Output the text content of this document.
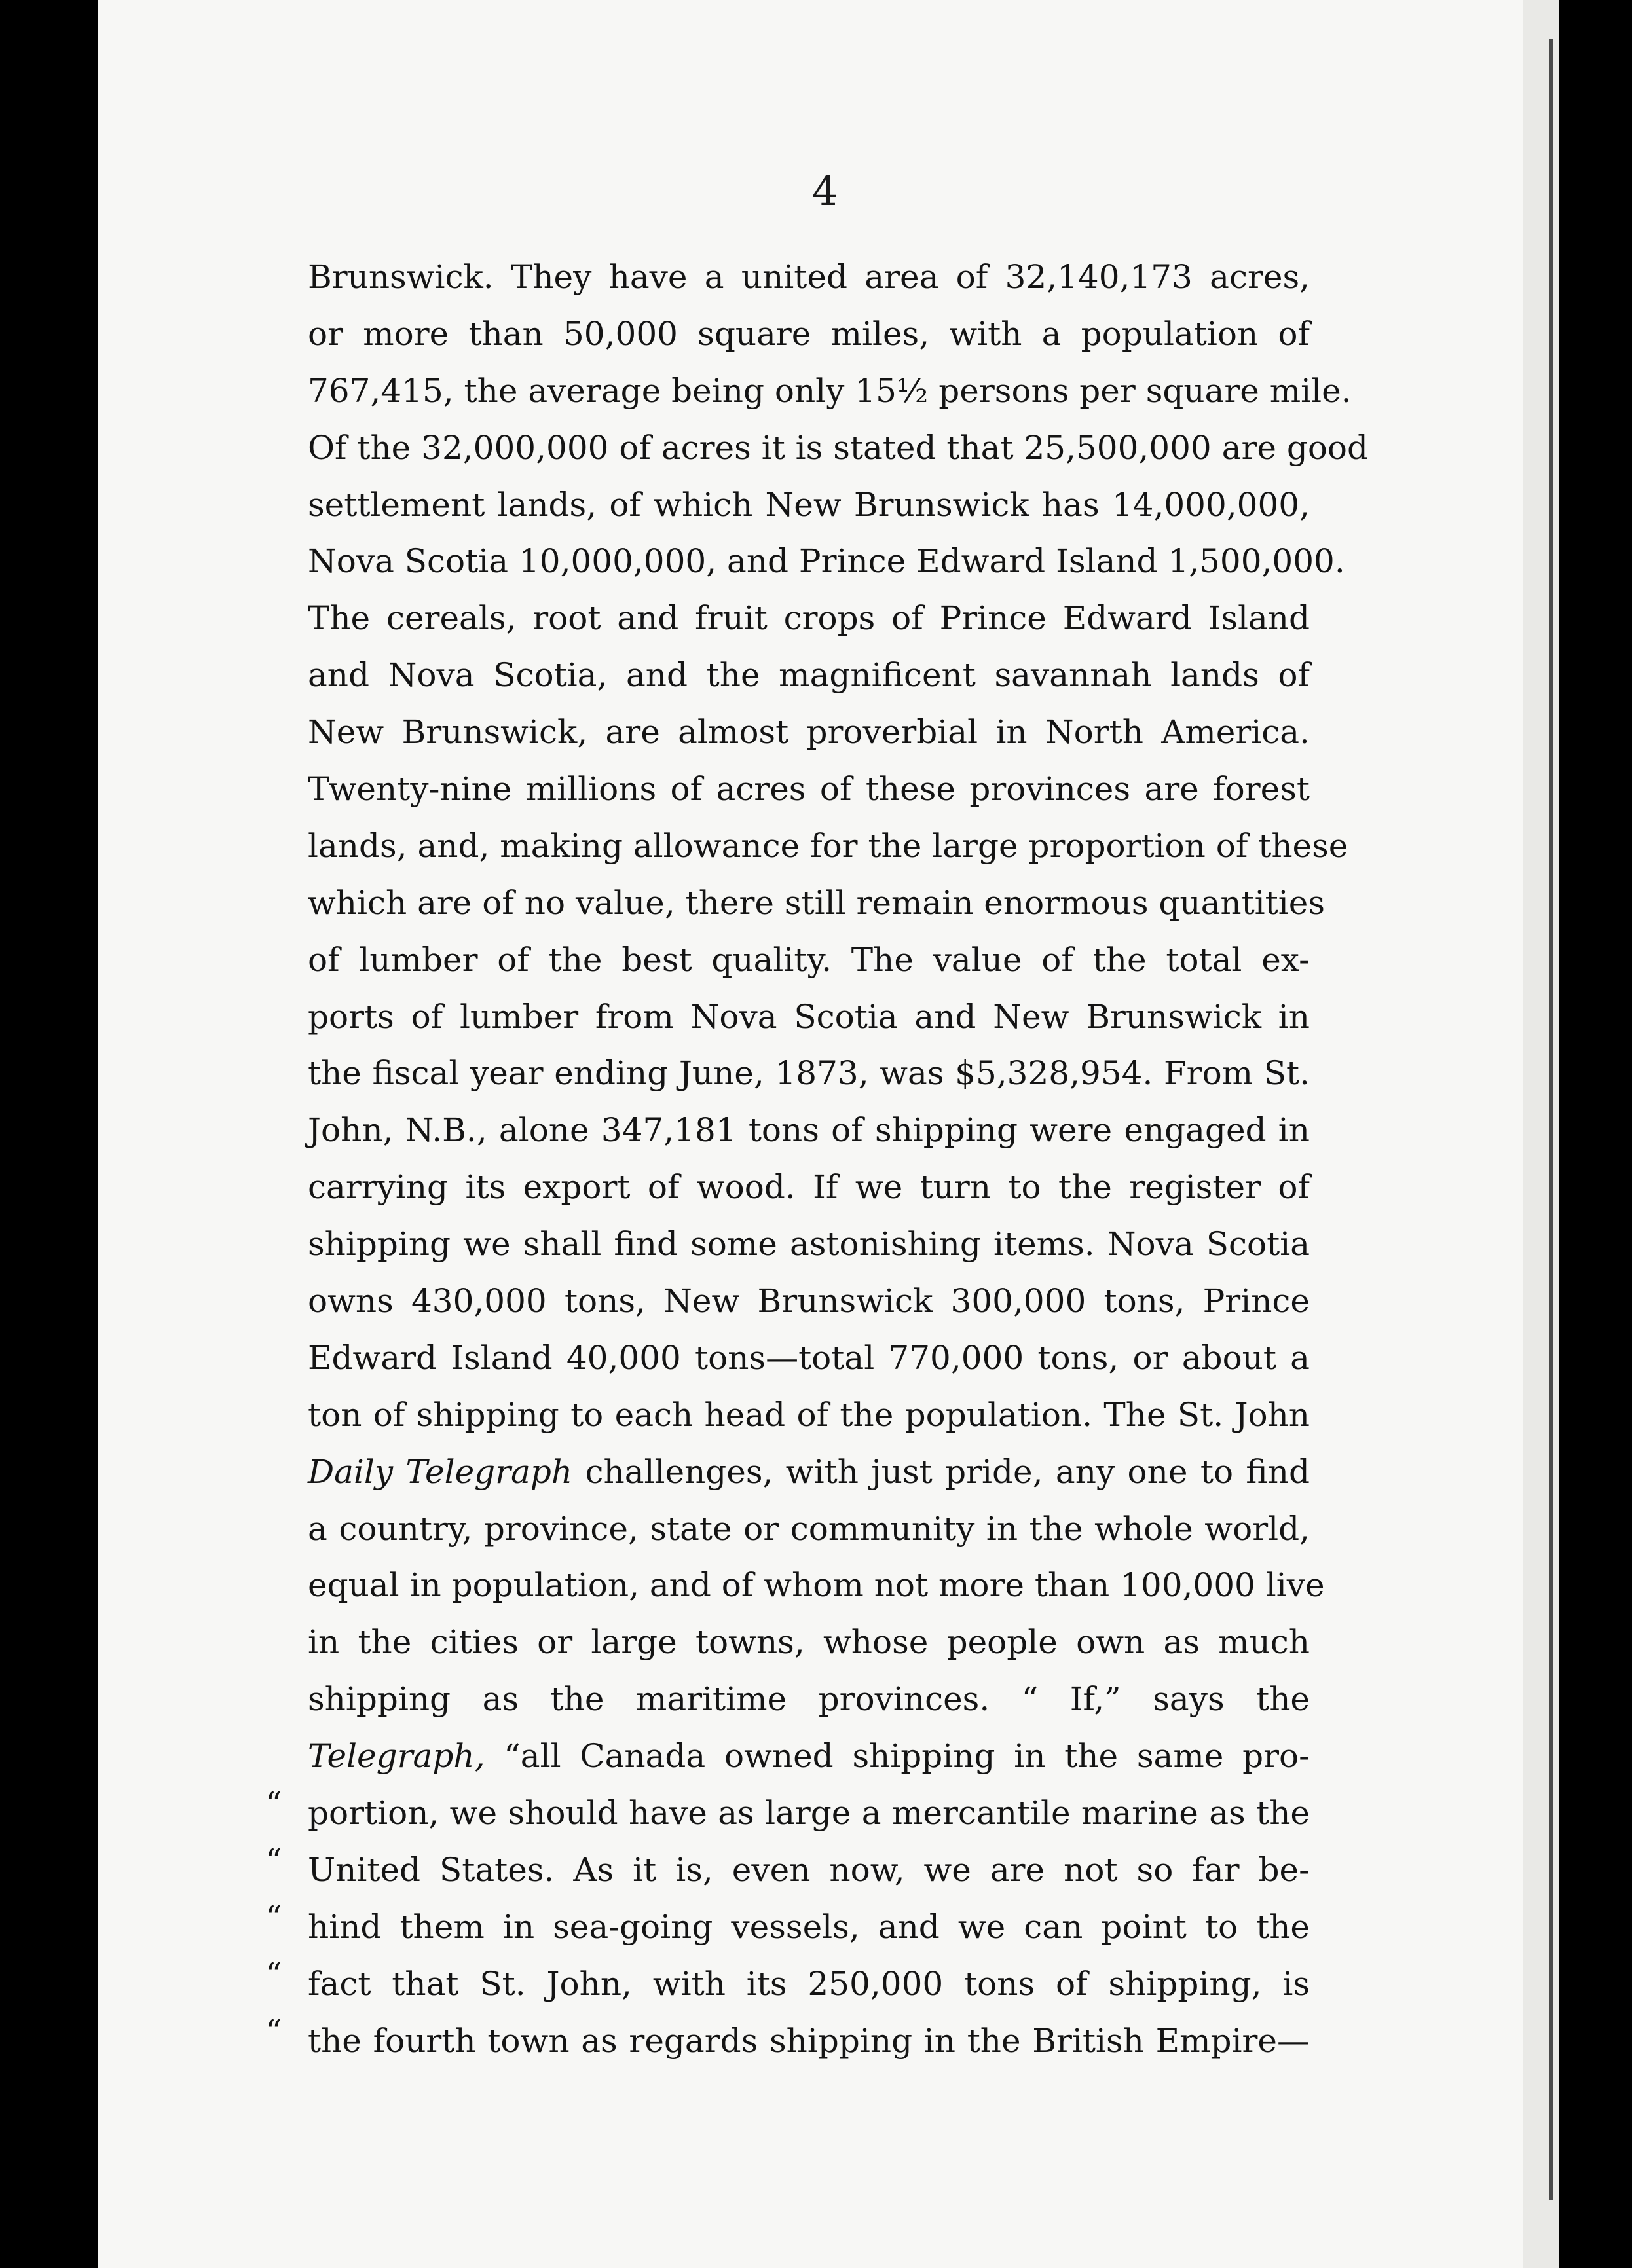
4
Brunswick. They have a united area of 32,140,173 acres,
or more than 50,000 square miles, with a population of
767,415, the average being only 15½ persons per square mile.
Of the 32,000,000 of acres it is stated that 25,500,000 are good
settlement lands, of which New Brunswick has 14,000,000,
Nova Scotia 10,000,000, and Prince Edward Island 1,500,000.
The cereals, root and fruit crops of Prince Edward Island
and Nova Scotia, and the magnificent savannah lands of
New Brunswick, are almost proverbial in North America.
Twenty-nine millions of acres of these provinces are forest
lands, and, making allowance for the large proportion of these
which are of no value, there still remain enormous quantities
of lumber of the best quality. The value of the total ex-
ports of lumber from Nova Scotia and New Brunswick in
the fiscal year ending June, 1873, was $5,328,954. From St.
John, N.B., alone 347,181 tons of shipping were engaged in
carrying its export of wood. If we turn to the register of
shipping we shall find some astonishing items. Nova Scotia
owns 430,000 tons, New Brunswick 300,000 tons, Prince
Edward Island 40,000 tons—total 770,000 tons, or about a
ton of shipping to each head of the population. The St. John
Daily Telegraph challenges, with just pride, any one to find
a country, province, state or community in the whole world,
equal in population, and of whom not more than 100,000 live
in the cities or large towns, whose people own as much
shipping as the maritime provinces. “ If,” says the
Telegraph, “all Canada owned shipping in the same pro-
portion, we should have as large a mercantile marine as the
United States. As it is, even now, we are not so far be-
hind them in sea-going vessels, and we can point to the
fact that St. John, with its 250,000 tons of shipping, is
the fourth town as regards shipping in the British Empire—
“
“
“
“
“
